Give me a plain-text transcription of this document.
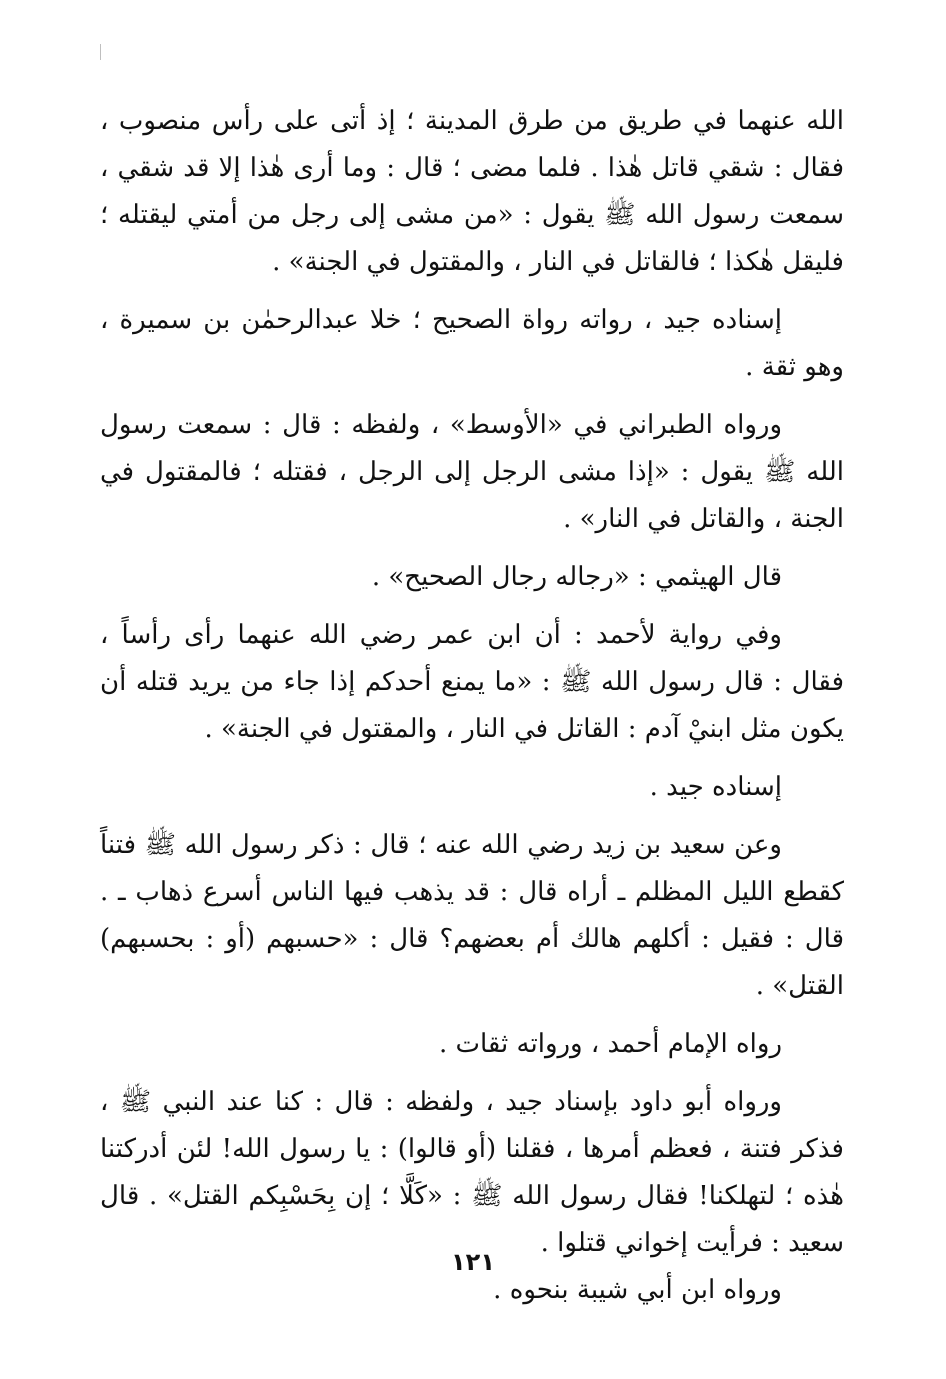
الله عنهما في طريق من طرق المدينة ؛ إذ أتى على رأس منصوب ، فقال : شقي قاتل هٰذا . فلما مضى ؛ قال : وما أرى هٰذا إلا قد شقي ، سمعت رسول الله ﷺ يقول : «من مشى إلى رجل من أمتي ليقتله ؛ فليقل هٰكذا ؛ فالقاتل في النار ، والمقتول في الجنة» .

إسناده جيد ، رواته رواة الصحيح ؛ خلا عبدالرحمٰن بن سميرة ، وهو ثقة .

ورواه الطبراني في «الأوسط» ، ولفظه : قال : سمعت رسول الله ﷺ يقول : «إذا مشى الرجل إلى الرجل ، فقتله ؛ فالمقتول في الجنة ، والقاتل في النار» .

قال الهيثمي : «رجاله رجال الصحيح» .

وفي رواية لأحمد : أن ابن عمر رضي الله عنهما رأى رأساً ، فقال : قال رسول الله ﷺ : «ما يمنع أحدكم إذا جاء من يريد قتله أن يكون مثل ابنيْ آدم : القاتل في النار ، والمقتول في الجنة» .

إسناده جيد .

وعن سعيد بن زيد رضي الله عنه ؛ قال : ذكر رسول الله ﷺ فتناً كقطع الليل المظلم ـ أراه قال : قد يذهب فيها الناس أسرع ذهاب ـ . قال : فقيل : أكلهم هالك أم بعضهم؟ قال : «حسبهم (أو : بحسبهم) القتل» .

رواه الإمام أحمد ، ورواته ثقات .

ورواه أبو داود بإسناد جيد ، ولفظه : قال : كنا عند النبي ﷺ ، فذكر فتنة ، فعظم أمرها ، فقلنا (أو قالوا) : يا رسول الله! لئن أدركتنا هٰذه ؛ لتهلكنا! فقال رسول الله ﷺ : «كَلَّا ؛ إن بِحَسْبِكم القتل» . قال سعيد : فرأيت إخواني قتلوا .

ورواه ابن أبي شيبة بنحوه .

١٢١
